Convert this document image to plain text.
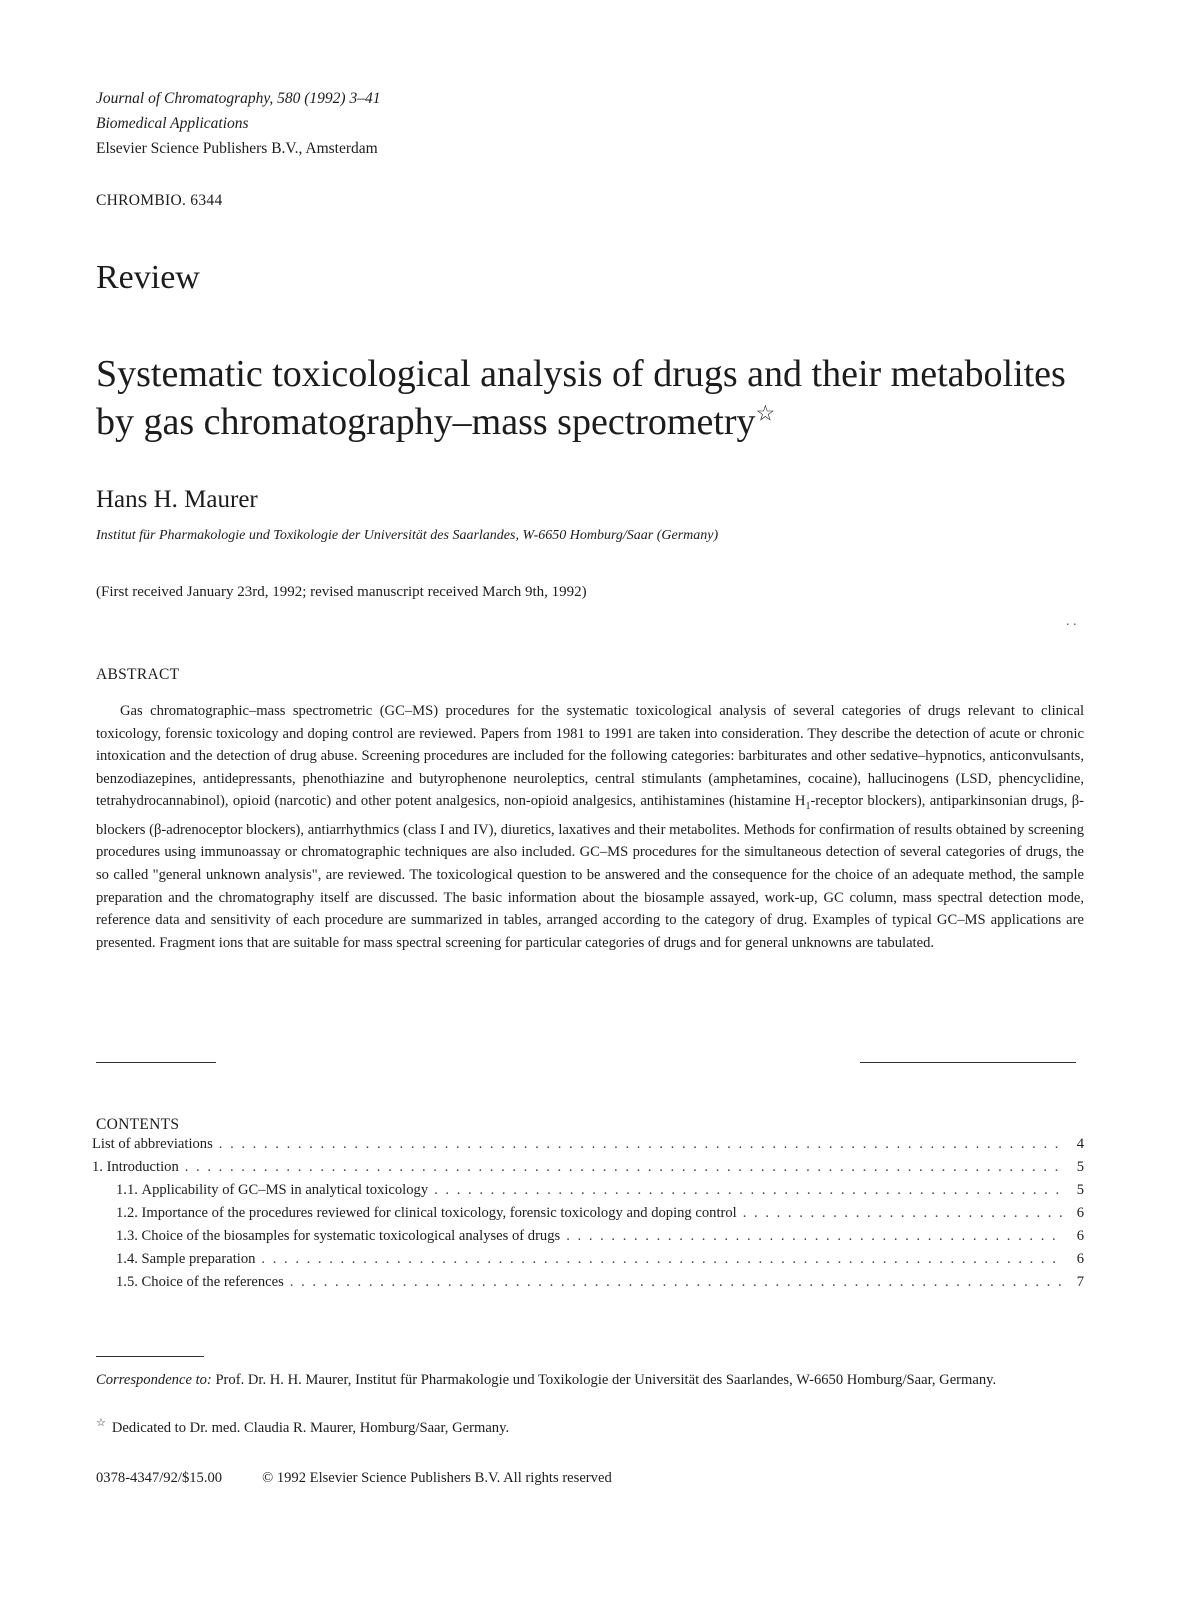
Journal of Chromatography, 580 (1992) 3–41
Biomedical Applications
Elsevier Science Publishers B.V., Amsterdam
CHROMBIO. 6344
Review
Systematic toxicological analysis of drugs and their metabolites by gas chromatography–mass spectrometry☆
Hans H. Maurer
Institut für Pharmakologie und Toxikologie der Universität des Saarlandes, W-6650 Homburg/Saar (Germany)
(First received January 23rd, 1992; revised manuscript received March 9th, 1992)
. .
ABSTRACT
Gas chromatographic–mass spectrometric (GC–MS) procedures for the systematic toxicological analysis of several categories of drugs relevant to clinical toxicology, forensic toxicology and doping control are reviewed. Papers from 1981 to 1991 are taken into consideration. They describe the detection of acute or chronic intoxication and the detection of drug abuse. Screening procedures are included for the following categories: barbiturates and other sedative–hypnotics, anticonvulsants, benzodiazepines, antidepressants, phenothiazine and butyrophenone neuroleptics, central stimulants (amphetamines, cocaine), hallucinogens (LSD, phencyclidine, tetrahydrocannabinol), opioid (narcotic) and other potent analgesics, non-opioid analgesics, antihistamines (histamine $H_1$-receptor blockers), antiparkinsonian drugs, β-blockers (β-adrenoceptor blockers), antiarrhythmics (class I and IV), diuretics, laxatives and their metabolites. Methods for confirmation of results obtained by screening procedures using immunoassay or chromatographic techniques are also included. GC–MS procedures for the simultaneous detection of several categories of drugs, the so called "general unknown analysis", are reviewed. The toxicological question to be answered and the consequence for the choice of an adequate method, the sample preparation and the chromatography itself are discussed. The basic information about the biosample assayed, work-up, GC column, mass spectral detection mode, reference data and sensitivity of each procedure are summarized in tables, arranged according to the category of drug. Examples of typical GC–MS applications are presented. Fragment ions that are suitable for mass spectral screening for particular categories of drugs and for general unknowns are tabulated.
CONTENTS
List of abbreviations . . .	4
1. Introduction . . .	5
1.1. Applicability of GC–MS in analytical toxicology . . .	5
1.2. Importance of the procedures reviewed for clinical toxicology, forensic toxicology and doping control . . .	6
1.3. Choice of the biosamples for systematic toxicological analyses of drugs . . .	6
1.4. Sample preparation . . .	6
1.5. Choice of the references . . .	7
Correspondence to: Prof. Dr. H. H. Maurer, Institut für Pharmakologie und Toxikologie der Universität des Saarlandes, W-6650 Homburg/Saar, Germany.
☆ Dedicated to Dr. med. Claudia R. Maurer, Homburg/Saar, Germany.
0378-4347/92/$15.00	© 1992 Elsevier Science Publishers B.V. All rights reserved
